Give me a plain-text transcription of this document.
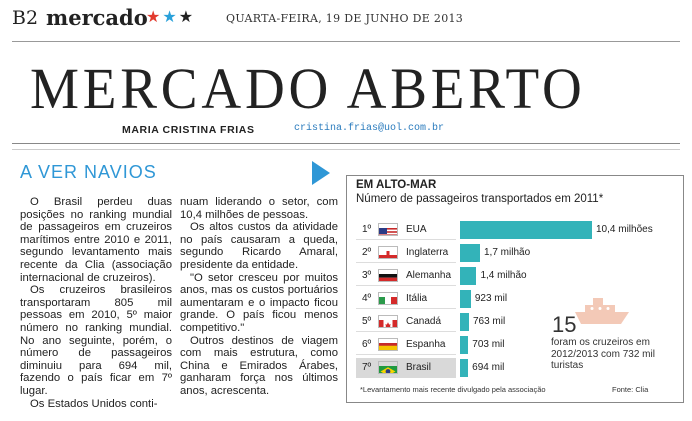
B2 mercado
★★★	QUARTA-FEIRA, 19 DE JUNHO DE 2013
MERCADO ABERTO
MARIA CRISTINA FRIAS	cristina.frias@uol.com.br
A VER NAVIOS

O Brasil perdeu duas posições no ranking mundial de passageiros em cruzeiros marítimos entre 2010 e 2011, segundo levantamento mais recente da Clia (associação internacional de cruzeiros).

Os cruzeiros brasileiros transportaram 805 mil pessoas em 2010, 5º maior número no ranking mundial. No ano seguinte, porém, o número de passageiros diminuiu para 694 mil, fazendo o país ficar em 7º lugar.

Os Estados Unidos conti-

nuam liderando o setor, com 10,4 milhões de pessoas.

Os altos custos da atividade no país causaram a queda, segundo Ricardo Amaral, presidente da entidade.

"O setor cresceu por muitos anos, mas os custos portuários aumentaram e o impacto ficou grande. O país ficou menos competitivo."

Outros destinos de viagem com mais estrutura, como China e Emirados Árabes, ganharam força nos últimos anos, acrescenta.

EM ALTO-MAR
Número de passageiros transportados em 2011*
1º	EUA	10,4 milhões
2º	Inglaterra	1,7 milhão
3º	Alemanha	1,4 milhão
4º	Itália	923 mil
5º	Canadá	763 mil
6º	Espanha	703 mil
7º	Brasil	694 mil
15
foram os cruzeiros em 2012/2013 com 732 mil turistas
*Levantamento mais recente divulgado pela associação	Fonte: Clia
